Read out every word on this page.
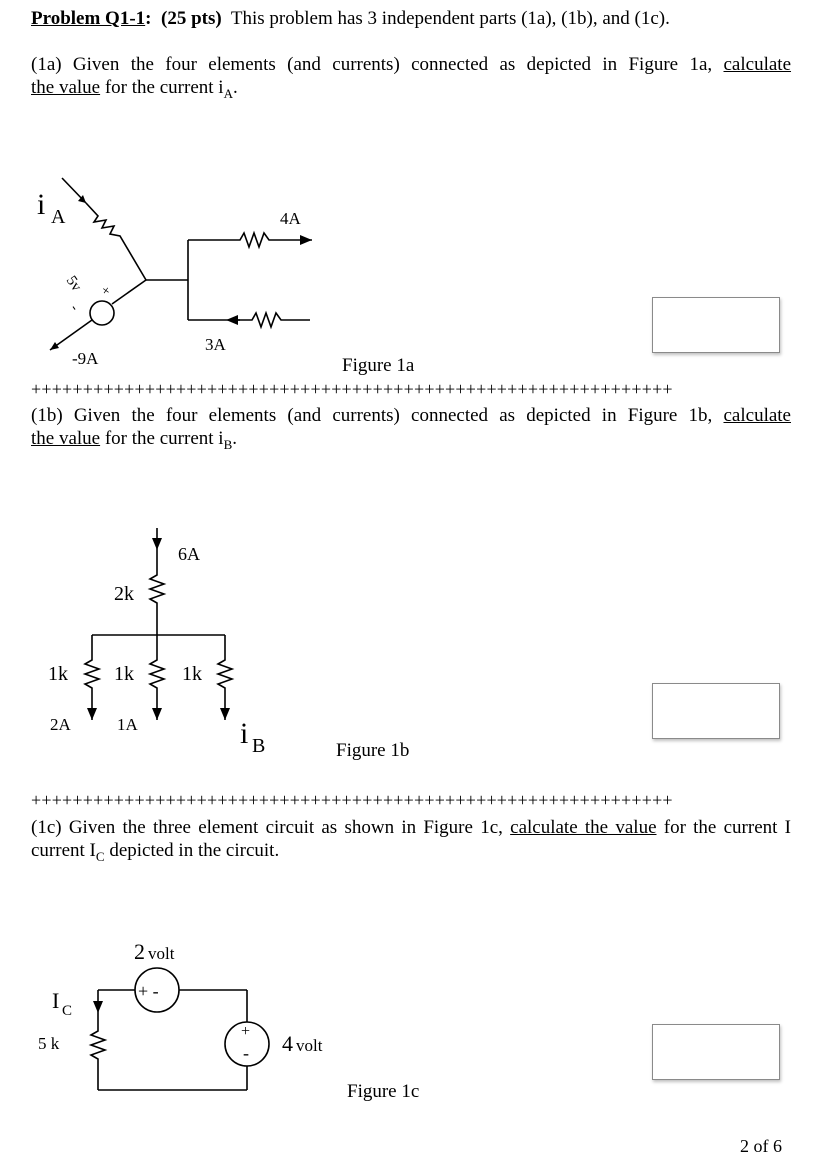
Problem Q1-1: (25 pts) This problem has 3 independent parts (1a), (1b), and (1c).
(1a) Given the four elements (and currents) connected as depicted in Figure 1a, calculate
the value for the current $i_A$.
i A
5v +
-
-9A
4A
3A
Figure 1a
++++++++++++++++++++++++++++++++++++++++++++++++++++++++++++++
(1b) Given the four elements (and currents) connected as depicted in Figure 1b, calculate
the value for the current $i_B$.
6A
2k
1k
2A
1k
1A
1k
i B	Figure 1b
++++++++++++++++++++++++++++++++++++++++++++++++++++++++++++++
(1c) Given the three element circuit as shown in Figure 1c, calculate the value for the current I
current $I_C$ depicted in the circuit.
2 volt
+ -
I C
5 k
+
- 4 volt
Figure 1c
2 of 6
